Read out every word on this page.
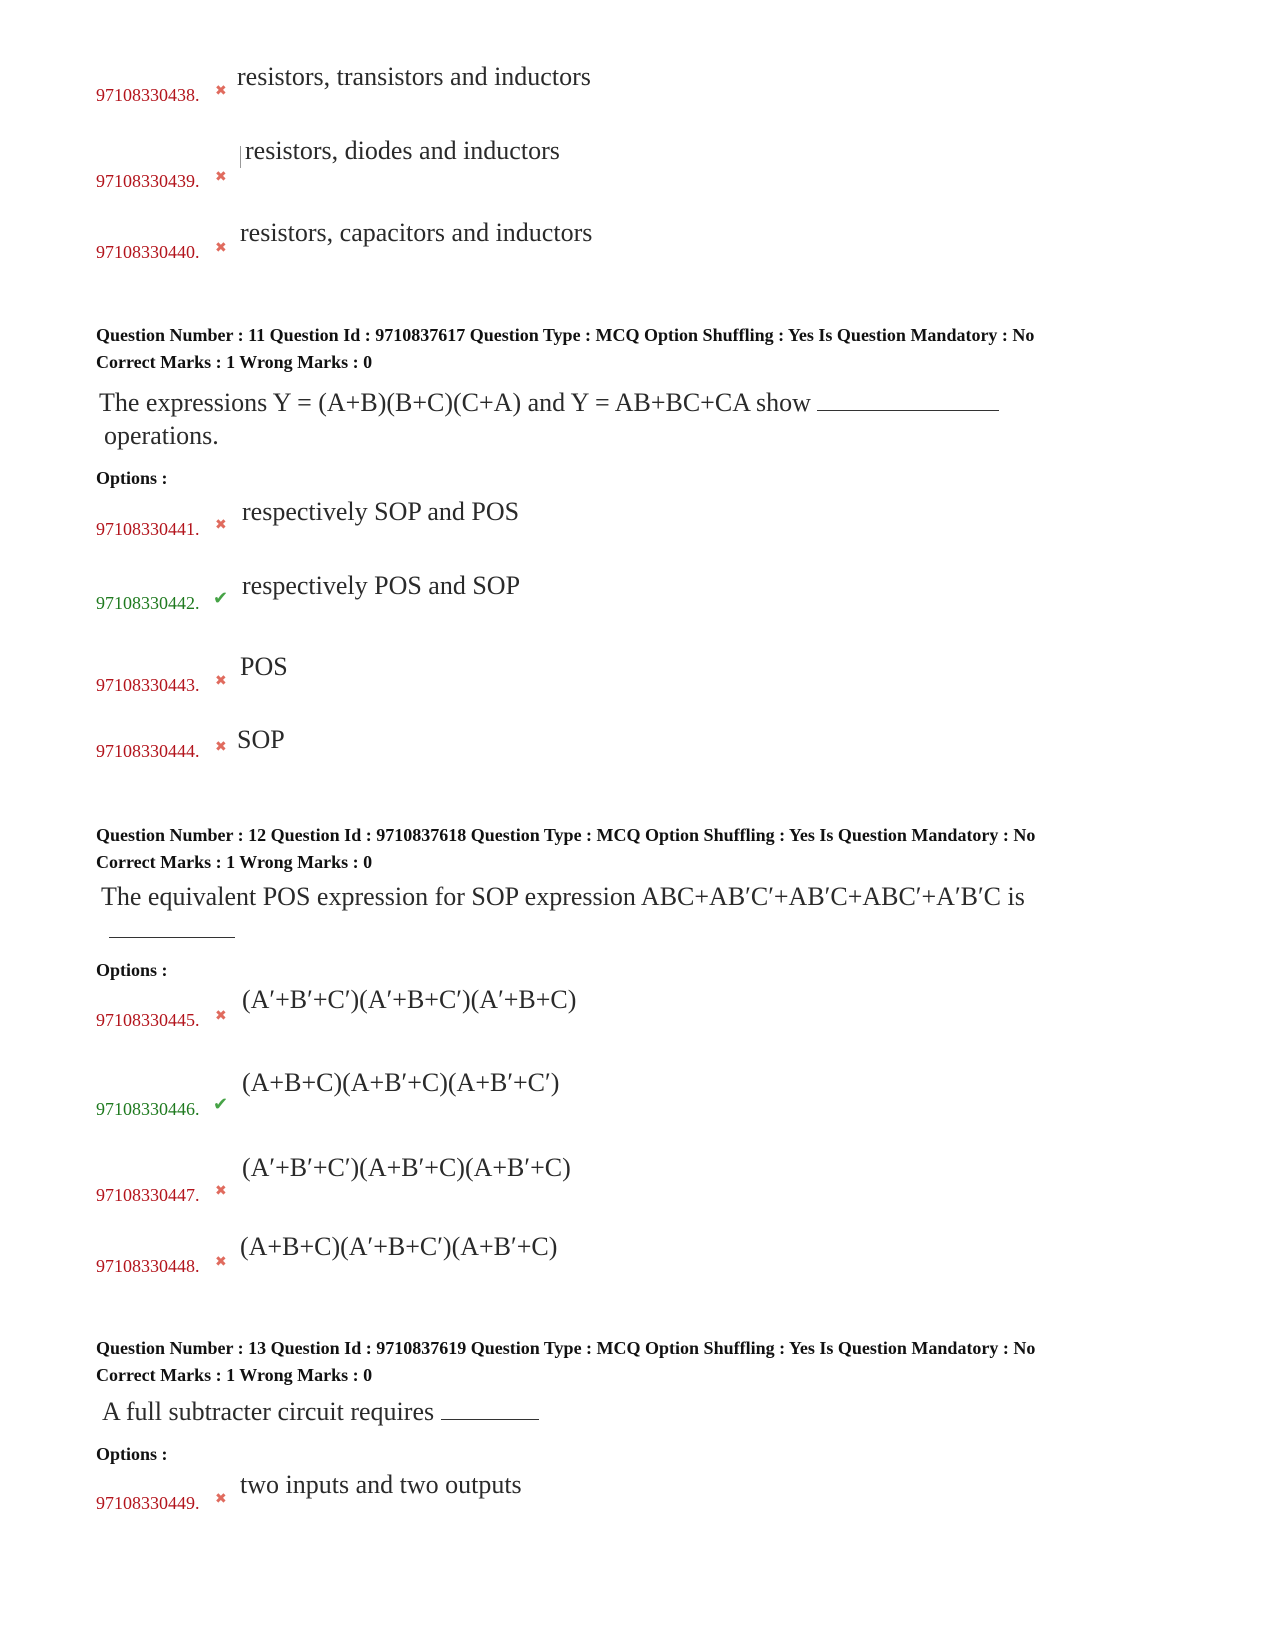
97108330438. ✖
resistors, transistors and inductors
97108330439. ✖
resistors, diodes and inductors
97108330440. ✖
resistors, capacitors and inductors
Question Number : 11 Question Id : 9710837617 Question Type : MCQ Option Shuffling : Yes Is Question Mandatory : No
Correct Marks : 1 Wrong Marks : 0
The expressions Y = (A+B)(B+C)(C+A) and Y = AB+BC+CA show
operations.
Options :
97108330441. ✖ respectively SOP and POS
97108330442. ✔ respectively POS and SOP
97108330443. ✖
POS
97108330444. ✖ SOP
Question Number : 12 Question Id : 9710837618 Question Type : MCQ Option Shuffling : Yes Is Question Mandatory : No
Correct Marks : 1 Wrong Marks : 0
The equivalent POS expression for SOP expression ABC+AB′C′+AB′C+ABC′+A′B′C is
Options :
97108330445. ✖
(A′+B′+C′)(A′+B+C′)(A′+B+C)
97108330446. ✔
(A+B+C)(A+B′+C)(A+B′+C′)
97108330447. ✖
(A′+B′+C′)(A+B′+C)(A+B′+C)
97108330448. ✖
(A+B+C)(A′+B+C′)(A+B′+C)
Question Number : 13 Question Id : 9710837619 Question Type : MCQ Option Shuffling : Yes Is Question Mandatory : No
Correct Marks : 1 Wrong Marks : 0
A full subtracter circuit requires
Options :
97108330449. ✖
two inputs and two outputs
